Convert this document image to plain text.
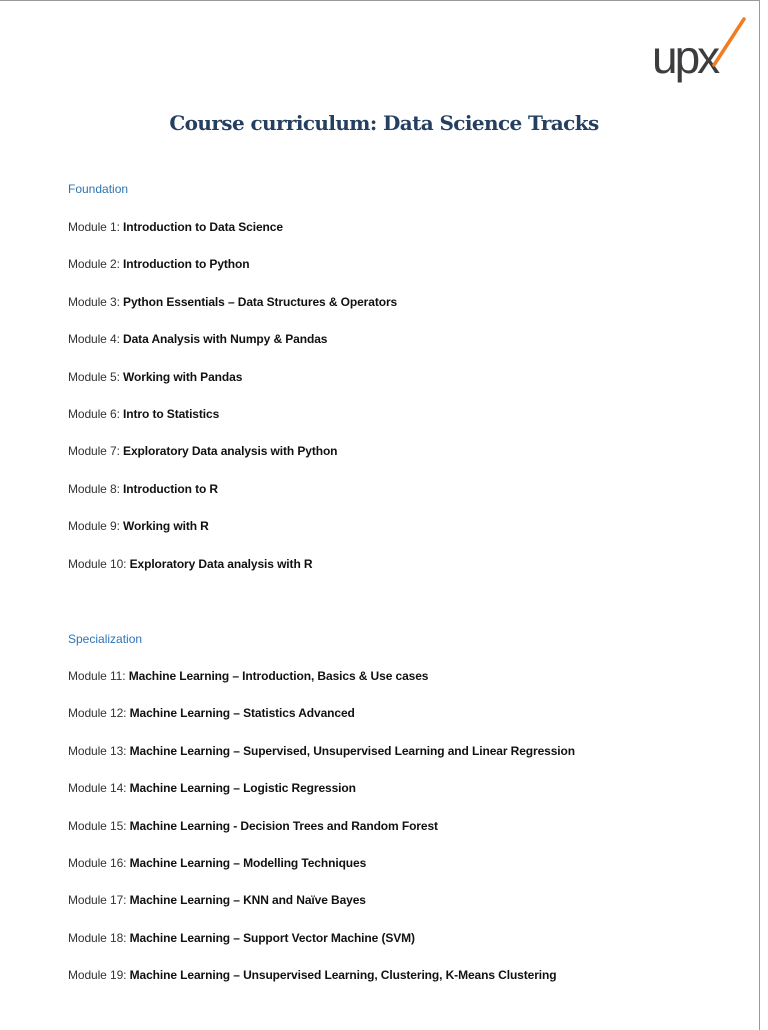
upx
Course curriculum: Data Science Tracks
Foundation
Module 1: Introduction to Data Science
Module 2: Introduction to Python
Module 3: Python Essentials – Data Structures & Operators
Module 4: Data Analysis with Numpy & Pandas
Module 5: Working with Pandas
Module 6: Intro to Statistics
Module 7: Exploratory Data analysis with Python
Module 8: Introduction to R
Module 9: Working with R
Module 10: Exploratory Data analysis with R
Specialization
Module 11: Machine Learning – Introduction, Basics & Use cases
Module 12: Machine Learning – Statistics Advanced
Module 13: Machine Learning – Supervised, Unsupervised Learning and Linear Regression
Module 14: Machine Learning – Logistic Regression
Module 15: Machine Learning - Decision Trees and Random Forest
Module 16: Machine Learning – Modelling Techniques
Module 17: Machine Learning – KNN and Naïve Bayes
Module 18: Machine Learning – Support Vector Machine (SVM)
Module 19: Machine Learning – Unsupervised Learning, Clustering, K-Means Clustering
